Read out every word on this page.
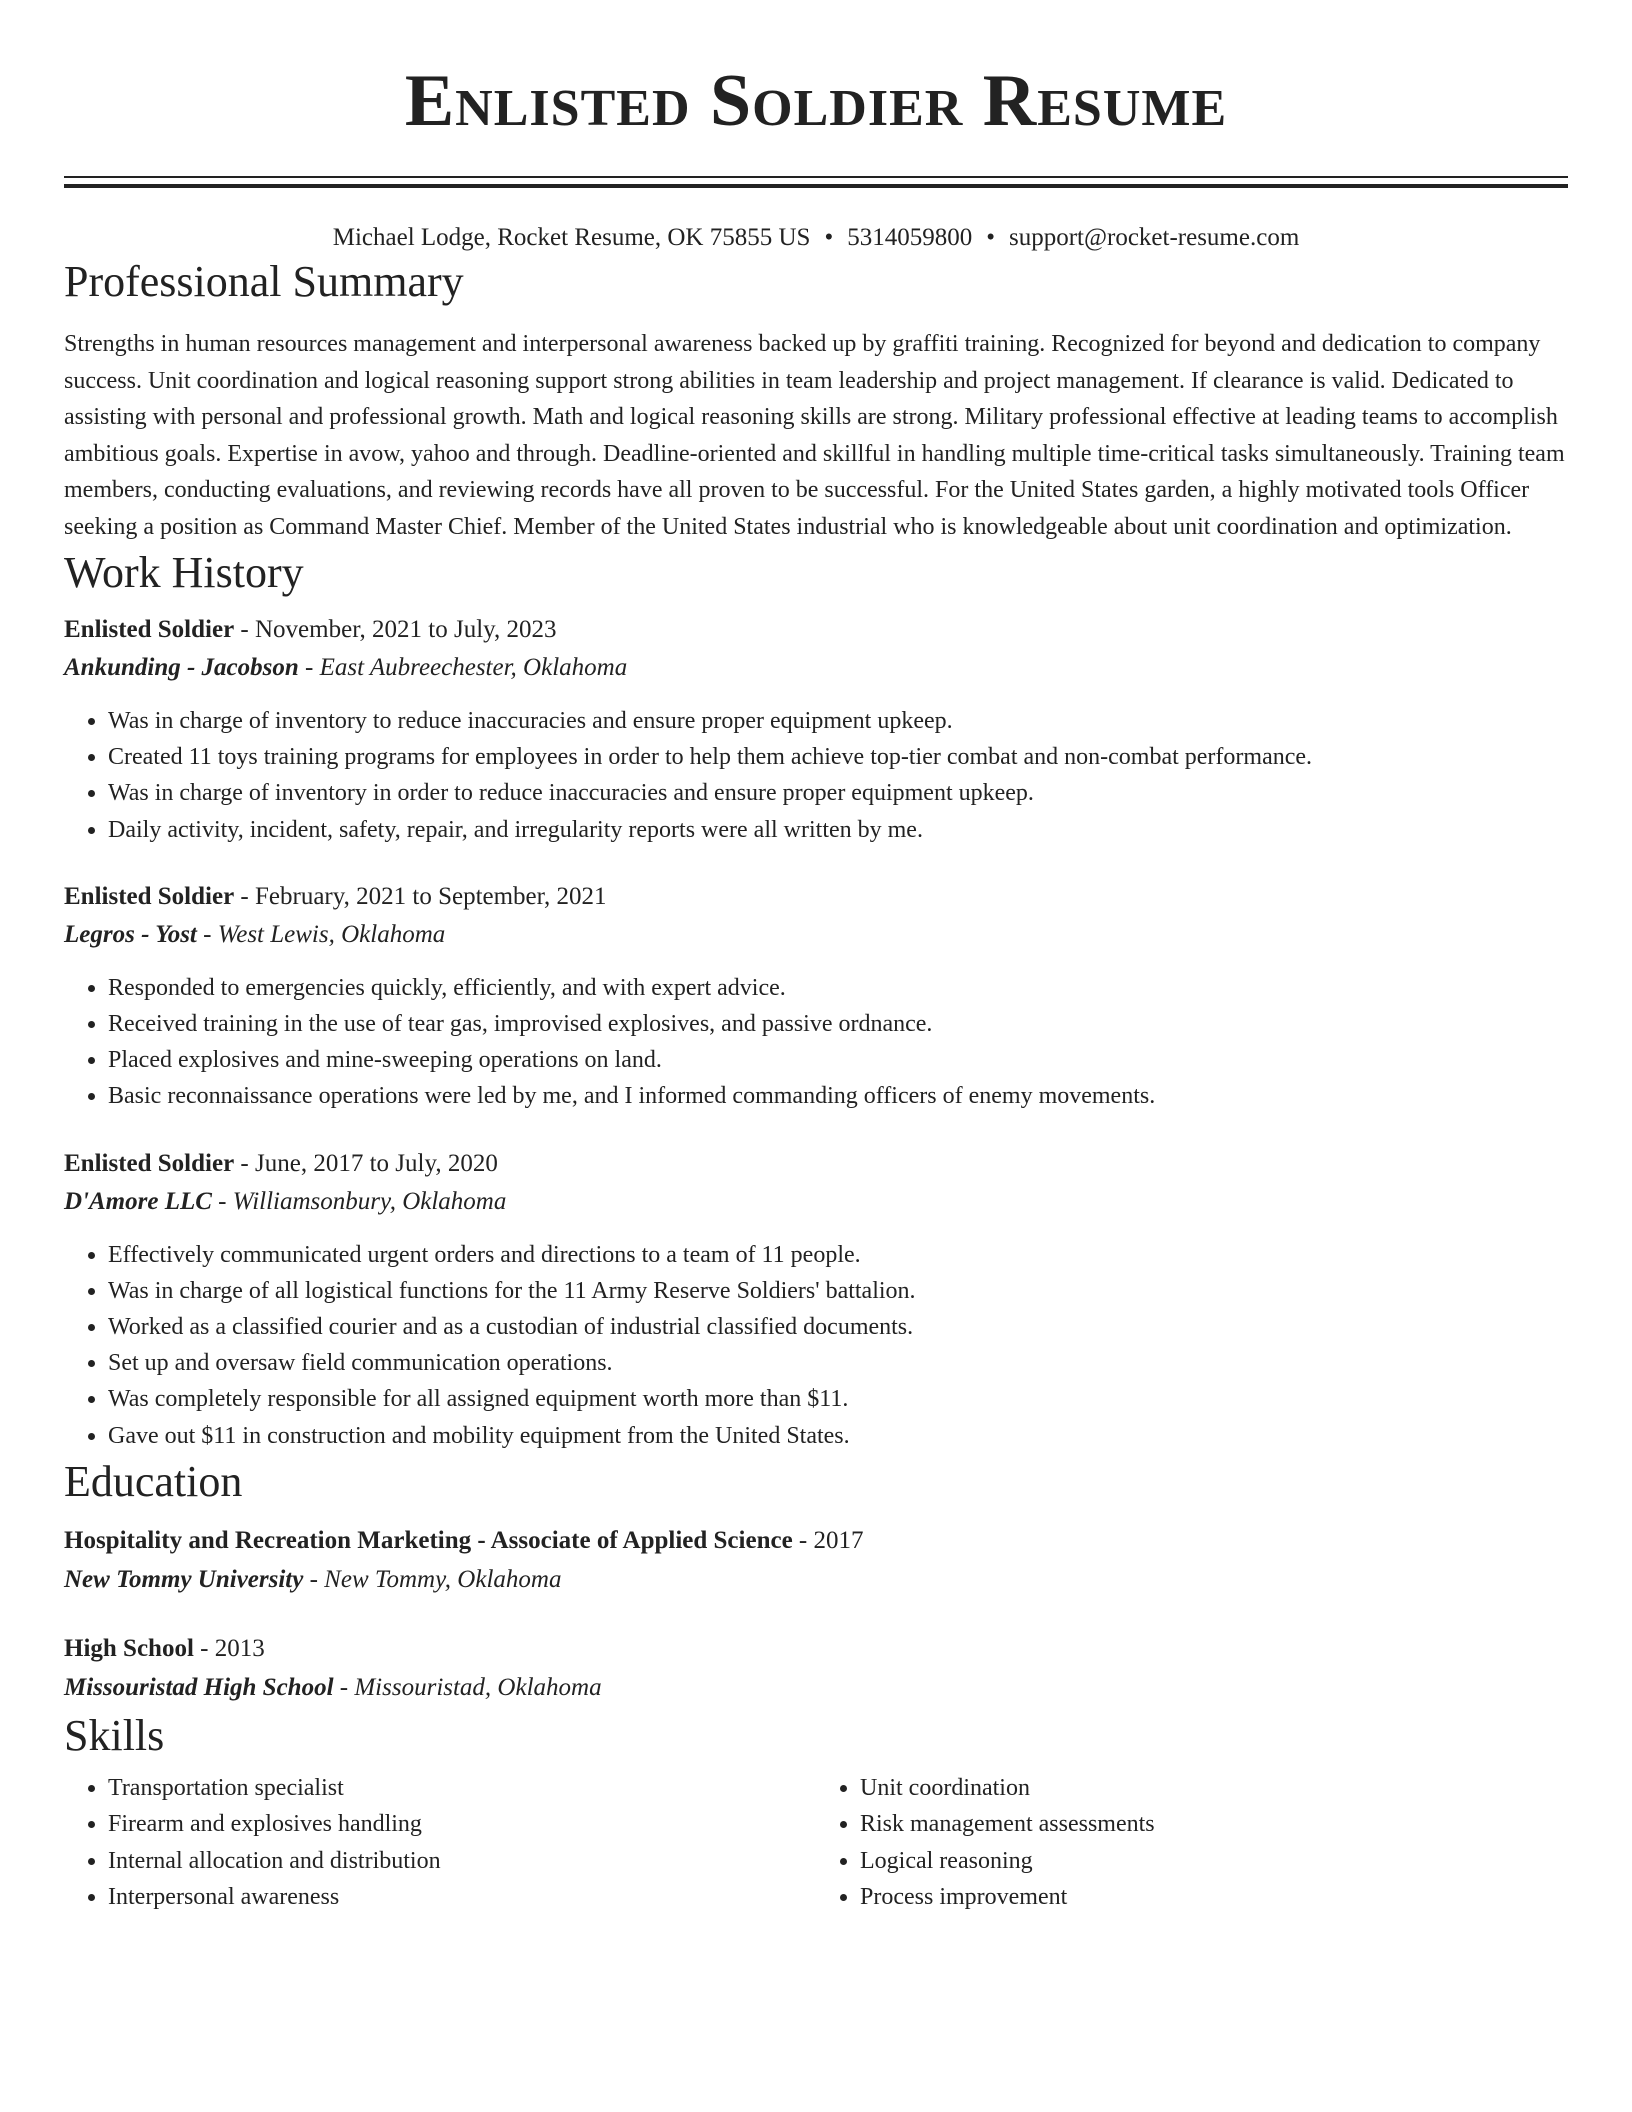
Enlisted Soldier Resume
Michael Lodge, Rocket Resume, OK 75855 US • 5314059800 • support@rocket-resume.com
Professional Summary
Strengths in human resources management and interpersonal awareness backed up by graffiti training. Recognized for beyond and dedication to company success. Unit coordination and logical reasoning support strong abilities in team leadership and project management. If clearance is valid. Dedicated to assisting with personal and professional growth. Math and logical reasoning skills are strong. Military professional effective at leading teams to accomplish ambitious goals. Expertise in avow, yahoo and through. Deadline-oriented and skillful in handling multiple time-critical tasks simultaneously. Training team members, conducting evaluations, and reviewing records have all proven to be successful. For the United States garden, a highly motivated tools Officer seeking a position as Command Master Chief. Member of the United States industrial who is knowledgeable about unit coordination and optimization.
Work History
Enlisted Soldier - November, 2021 to July, 2023
Ankunding - Jacobson - East Aubreechester, Oklahoma
• Was in charge of inventory to reduce inaccuracies and ensure proper equipment upkeep.
• Created 11 toys training programs for employees in order to help them achieve top-tier combat and non-combat performance.
• Was in charge of inventory in order to reduce inaccuracies and ensure proper equipment upkeep.
• Daily activity, incident, safety, repair, and irregularity reports were all written by me.
Enlisted Soldier - February, 2021 to September, 2021
Legros - Yost - West Lewis, Oklahoma
• Responded to emergencies quickly, efficiently, and with expert advice.
• Received training in the use of tear gas, improvised explosives, and passive ordnance.
• Placed explosives and mine-sweeping operations on land.
• Basic reconnaissance operations were led by me, and I informed commanding officers of enemy movements.
Enlisted Soldier - June, 2017 to July, 2020
D'Amore LLC - Williamsonbury, Oklahoma
• Effectively communicated urgent orders and directions to a team of 11 people.
• Was in charge of all logistical functions for the 11 Army Reserve Soldiers' battalion.
• Worked as a classified courier and as a custodian of industrial classified documents.
• Set up and oversaw field communication operations.
• Was completely responsible for all assigned equipment worth more than $11.
• Gave out $11 in construction and mobility equipment from the United States.
Education
Hospitality and Recreation Marketing - Associate of Applied Science - 2017
New Tommy University - New Tommy, Oklahoma
High School - 2013
Missouristad High School - Missouristad, Oklahoma
Skills
• Transportation specialist
• Firearm and explosives handling
• Internal allocation and distribution
• Interpersonal awareness
• Unit coordination
• Risk management assessments
• Logical reasoning
• Process improvement
